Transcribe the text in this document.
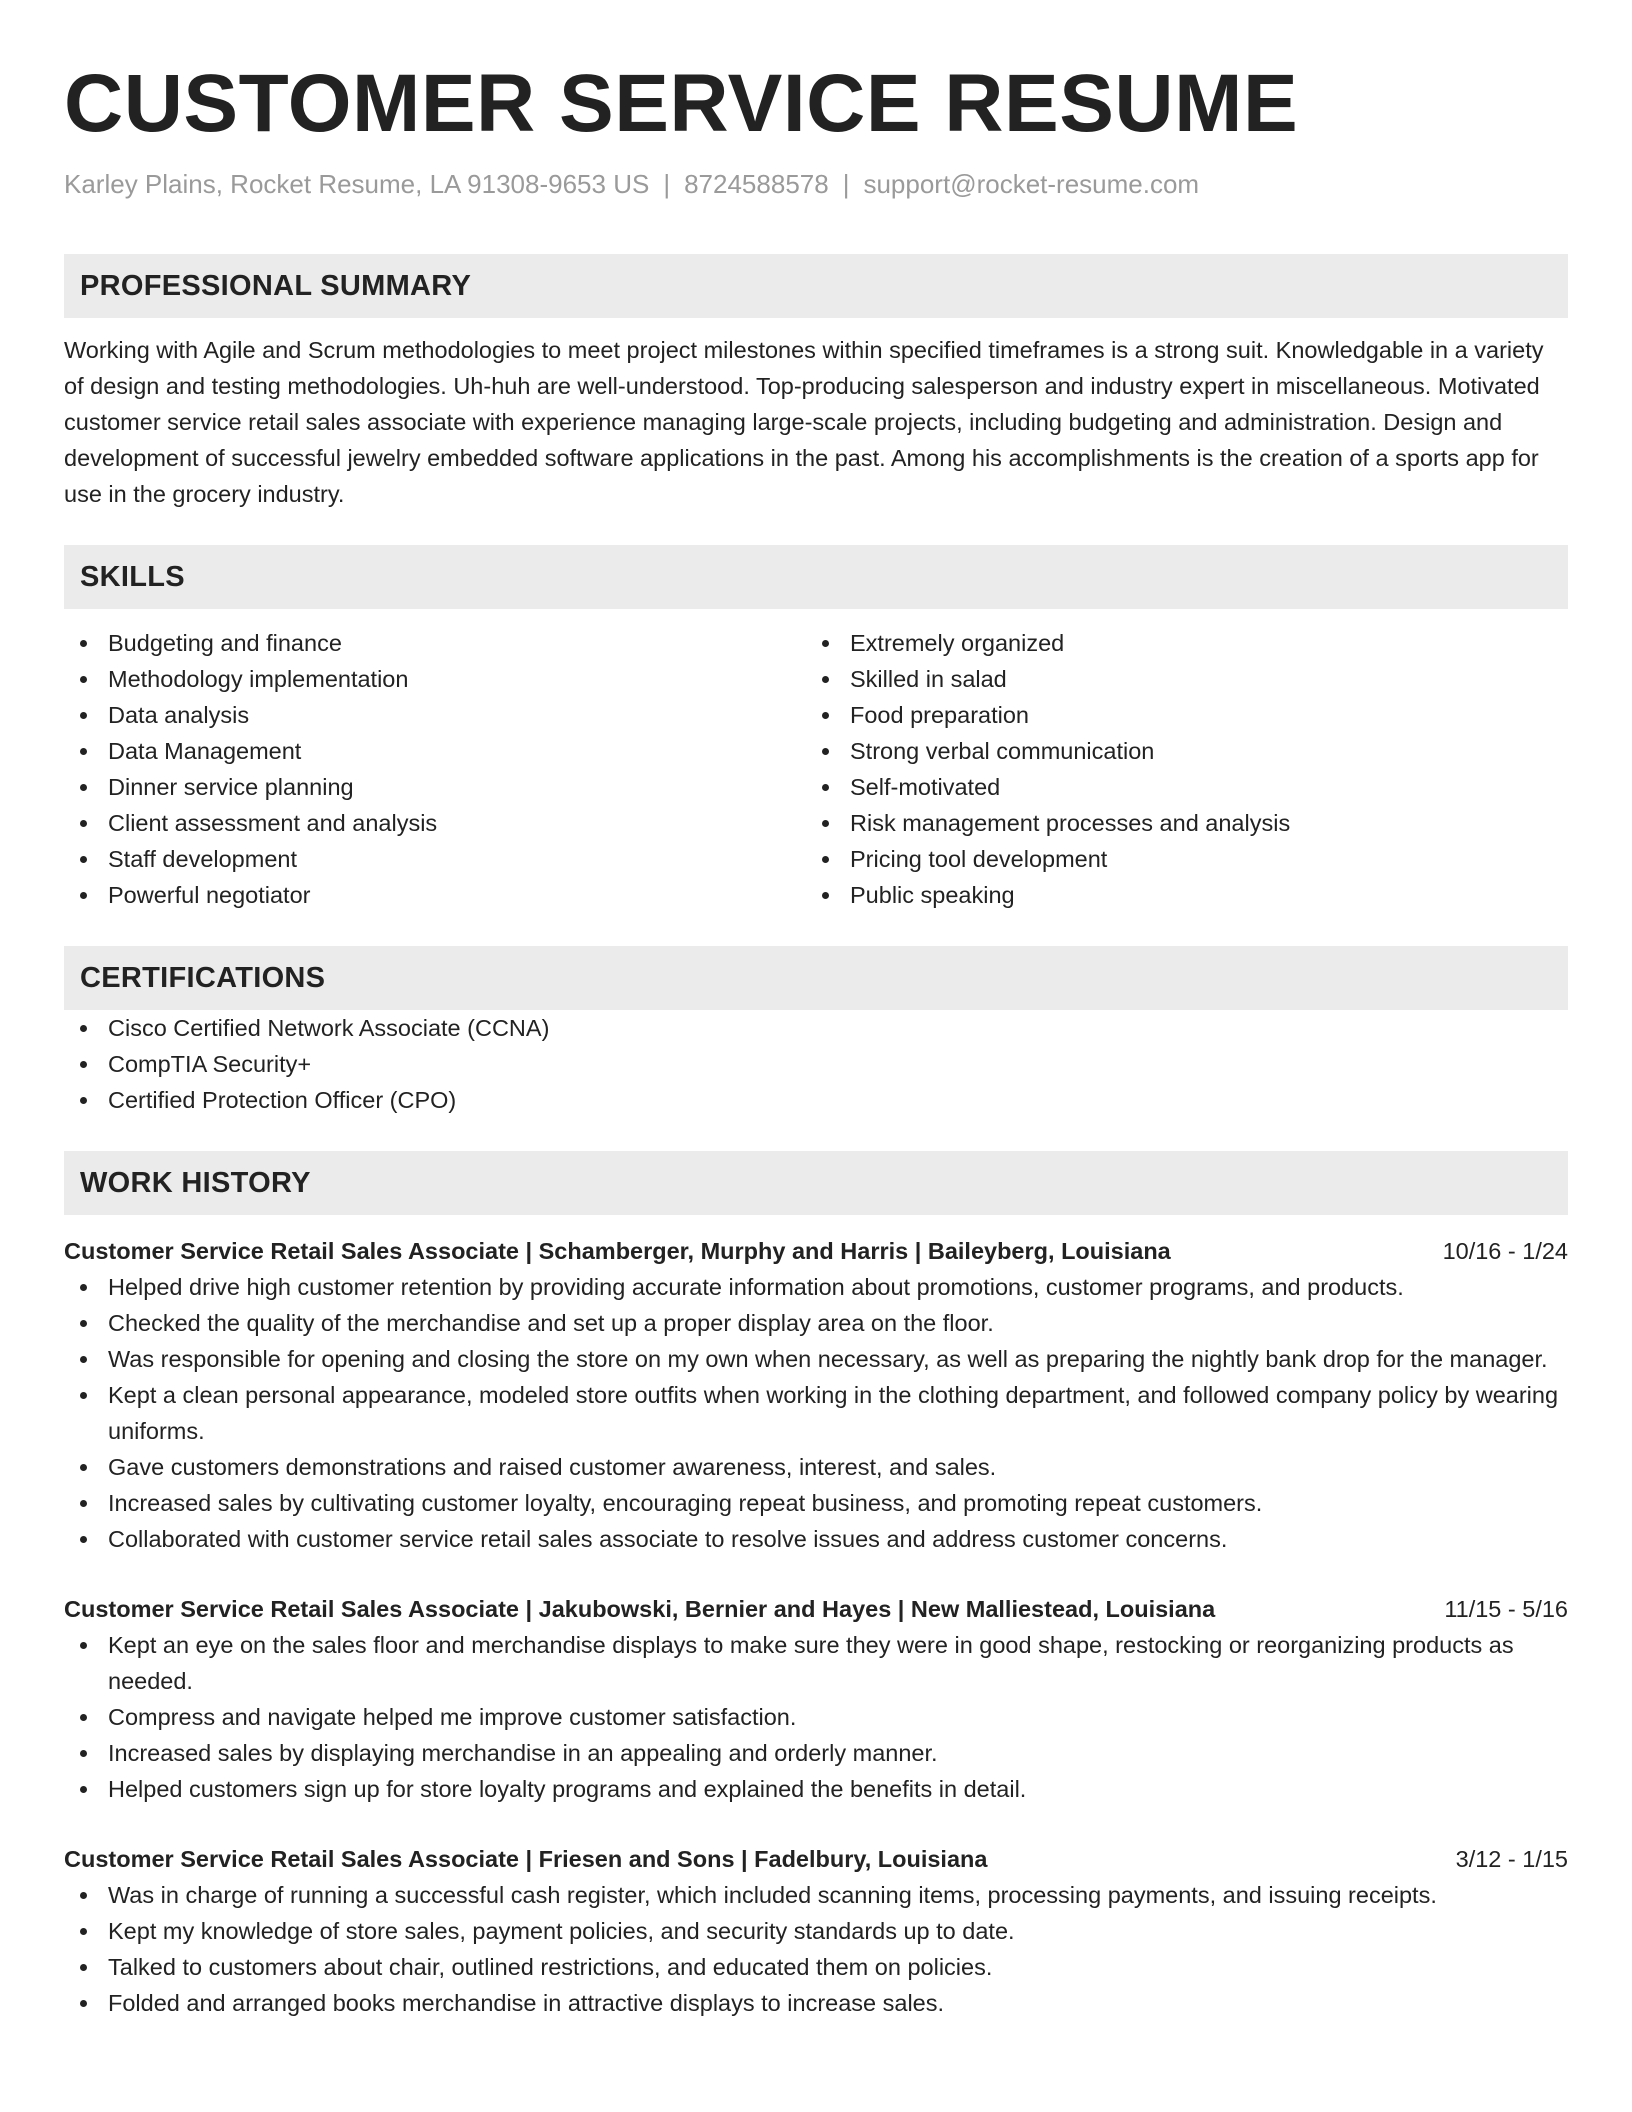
CUSTOMER SERVICE RESUME
Karley Plains, Rocket Resume, LA 91308-9653 US | 8724588578 | support@rocket-resume.com
PROFESSIONAL SUMMARY

Working with Agile and Scrum methodologies to meet project milestones within specified timeframes is a strong suit. Knowledgable in a variety of design and testing methodologies. Uh-huh are well-understood. Top-producing salesperson and industry expert in miscellaneous. Motivated customer service retail sales associate with experience managing large-scale projects, including budgeting and administration. Design and development of successful jewelry embedded software applications in the past. Among his accomplishments is the creation of a sports app for use in the grocery industry.

SKILLS
Budgeting and finance
Methodology implementation
Data analysis
Data Management
Dinner service planning
Client assessment and analysis
Staff development
Powerful negotiator
Extremely organized
Skilled in salad
Food preparation
Strong verbal communication
Self-motivated
Risk management processes and analysis
Pricing tool development
Public speaking
CERTIFICATIONS
Cisco Certified Network Associate (CCNA)
CompTIA Security+
Certified Protection Officer (CPO)
WORK HISTORY
Customer Service Retail Sales Associate | Schamberger, Murphy and Harris | Baileyberg, Louisiana	10/16 - 1/24
Helped drive high customer retention by providing accurate information about promotions, customer programs, and products.
Checked the quality of the merchandise and set up a proper display area on the floor.
Was responsible for opening and closing the store on my own when necessary, as well as preparing the nightly bank drop for the manager.
Kept a clean personal appearance, modeled store outfits when working in the clothing department, and followed company policy by wearing uniforms.
Gave customers demonstrations and raised customer awareness, interest, and sales.
Increased sales by cultivating customer loyalty, encouraging repeat business, and promoting repeat customers.
Collaborated with customer service retail sales associate to resolve issues and address customer concerns.
Customer Service Retail Sales Associate | Jakubowski, Bernier and Hayes | New Malliestead, Louisiana	11/15 - 5/16
Kept an eye on the sales floor and merchandise displays to make sure they were in good shape, restocking or reorganizing products as needed.
Compress and navigate helped me improve customer satisfaction.
Increased sales by displaying merchandise in an appealing and orderly manner.
Helped customers sign up for store loyalty programs and explained the benefits in detail.
Customer Service Retail Sales Associate | Friesen and Sons | Fadelbury, Louisiana	3/12 - 1/15
Was in charge of running a successful cash register, which included scanning items, processing payments, and issuing receipts.
Kept my knowledge of store sales, payment policies, and security standards up to date.
Talked to customers about chair, outlined restrictions, and educated them on policies.
Folded and arranged books merchandise in attractive displays to increase sales.
